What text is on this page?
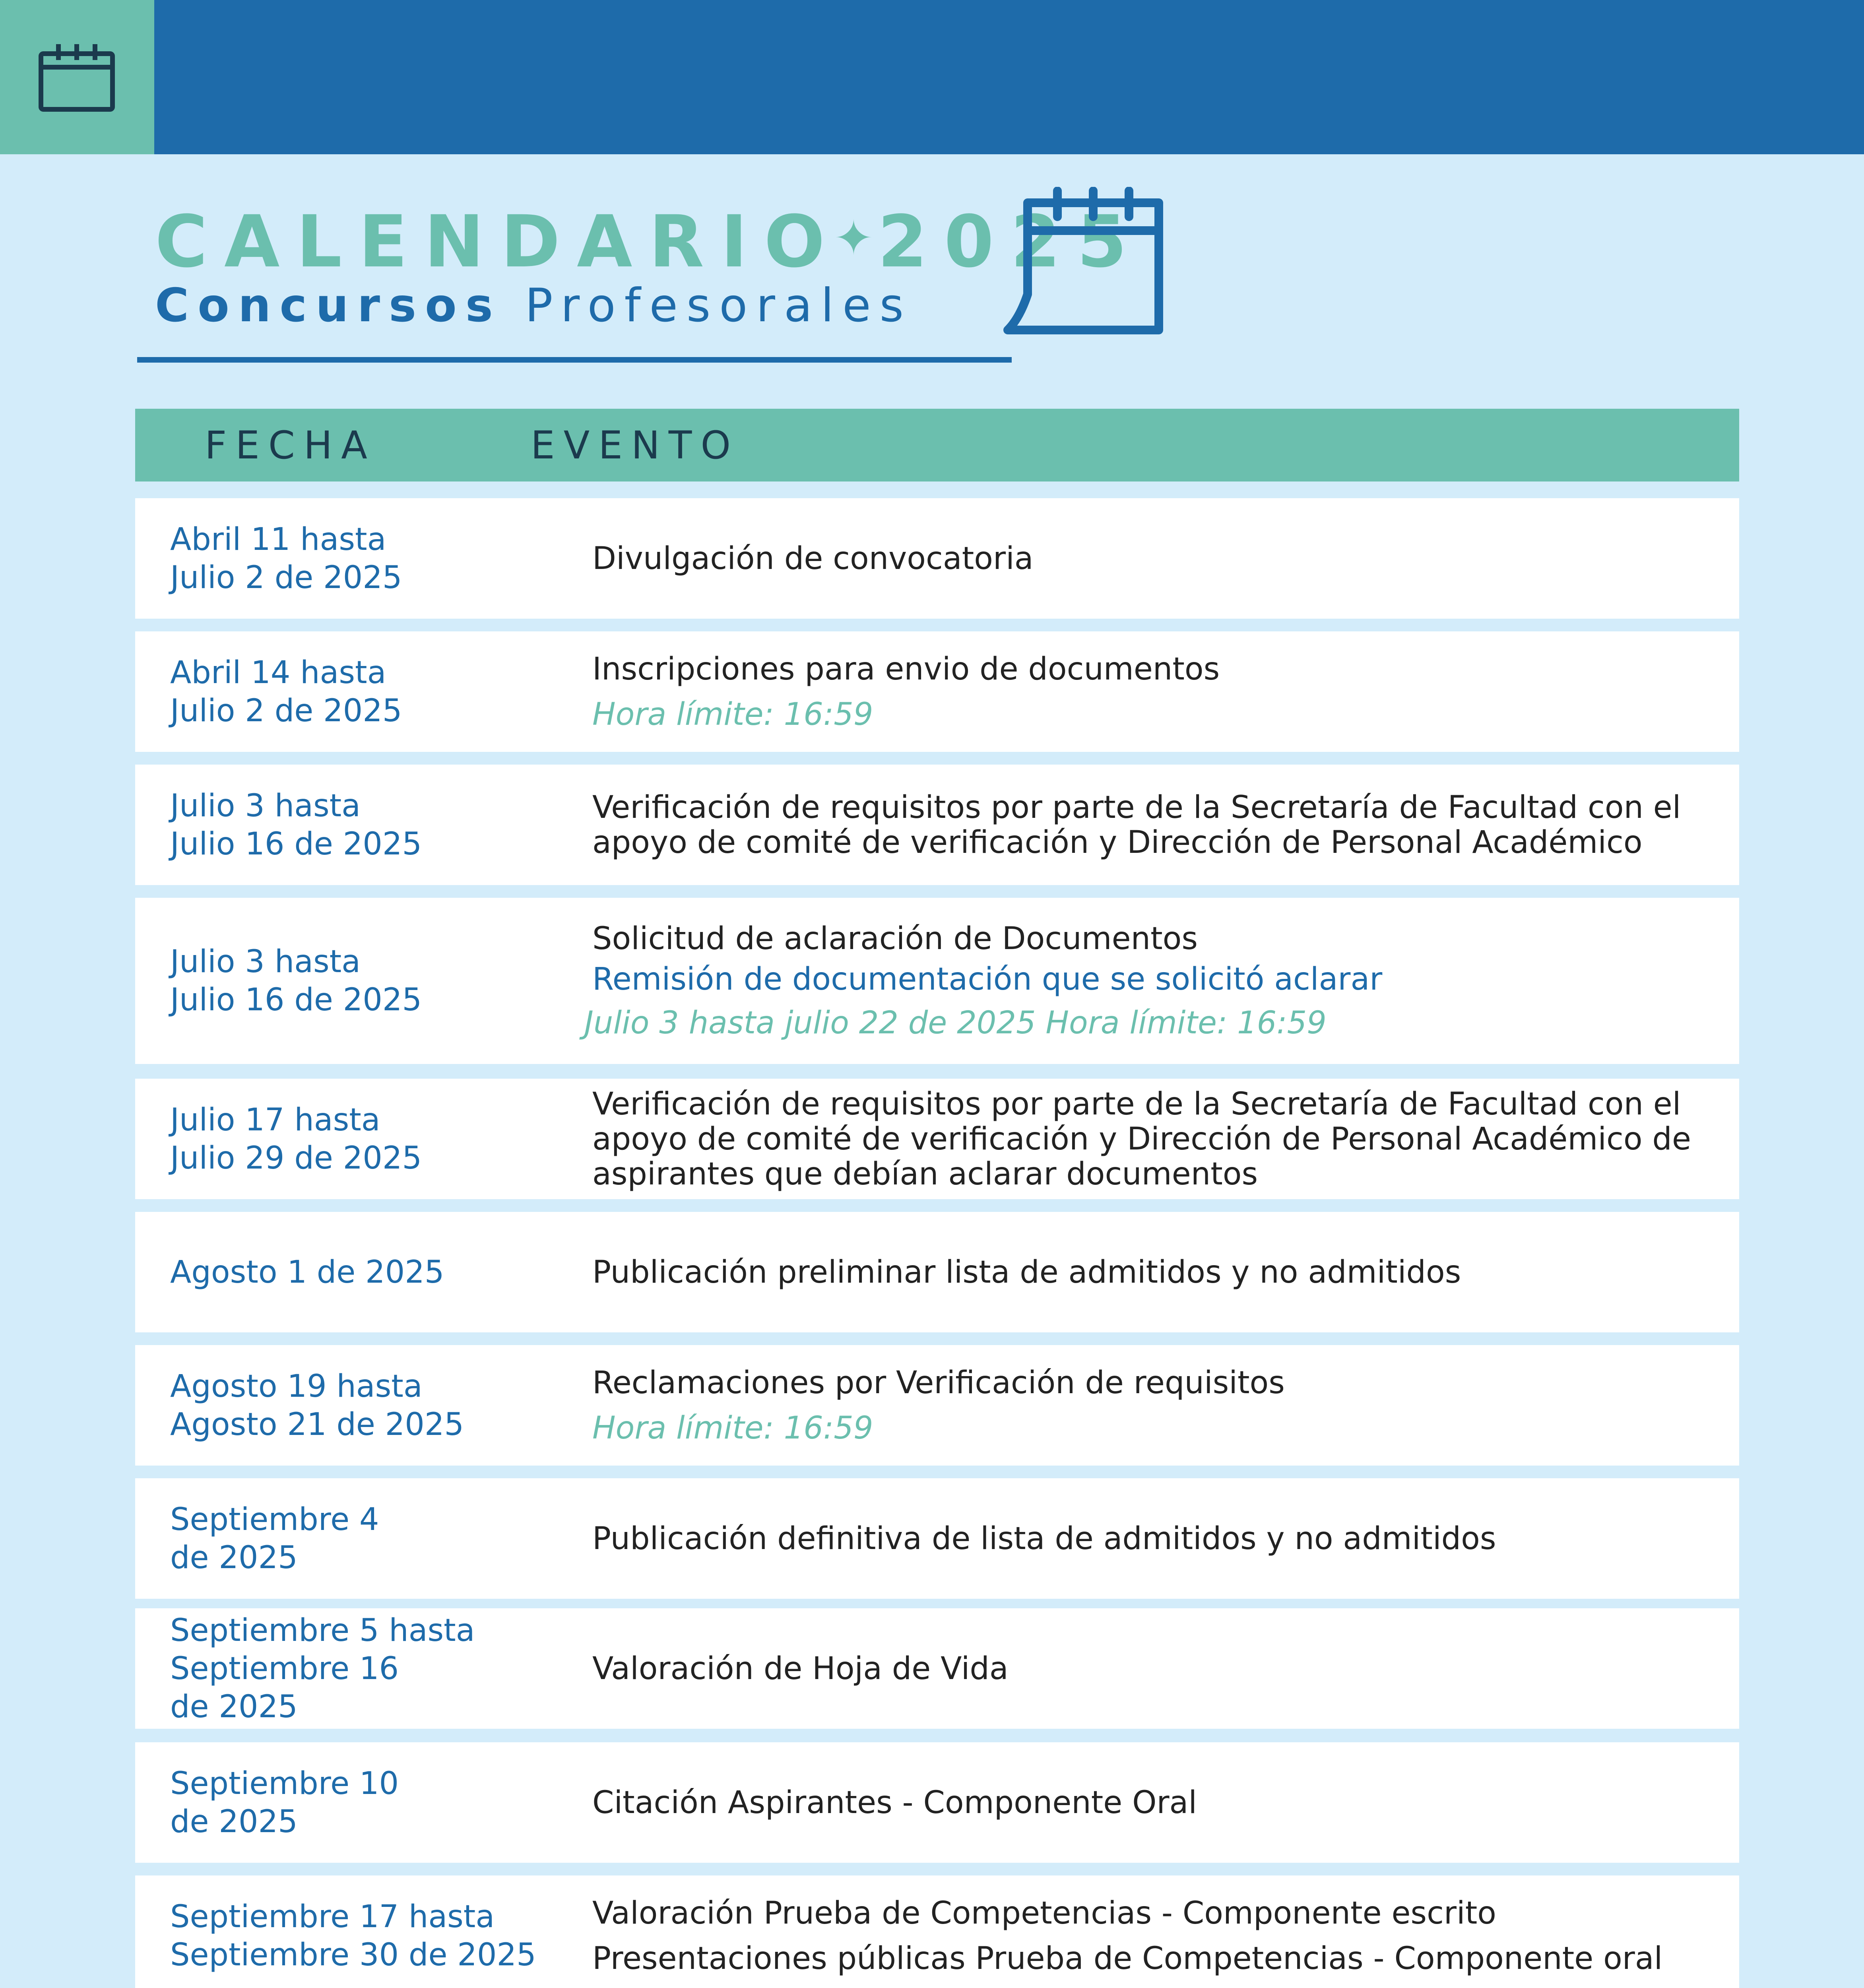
CALENDARIO✦2025
Concursos Profesorales
FECHA	EVENTO
Abril 11 hasta
Julio 2 de 2025
Divulgación de convocatoria
Abril 14 hasta
Julio 2 de 2025
Inscripciones para envio de documentos
Hora límite: 16:59
Julio 3 hasta
Julio 16 de 2025
Verificación de requisitos por parte de la Secretaría de Facultad con el
apoyo de comité de verificación y Dirección de Personal Académico
Julio 3 hasta
Julio 16 de 2025
Solicitud de aclaración de Documentos
Remisión de documentación que se solicitó aclarar
Julio 3 hasta julio 22 de 2025 Hora límite: 16:59
Julio 17 hasta
Julio 29 de 2025
Verificación de requisitos por parte de la Secretaría de Facultad con el
apoyo de comité de verificación y Dirección de Personal Académico de
aspirantes que debían aclarar documentos
Agosto 1 de 2025	Publicación preliminar lista de admitidos y no admitidos
Agosto 19 hasta
Agosto 21 de 2025
Reclamaciones por Verificación de requisitos
Hora límite: 16:59
Septiembre 4
de 2025
Publicación definitiva de lista de admitidos y no admitidos
Septiembre 5 hasta
Septiembre 16
de 2025
Valoración de Hoja de Vida
Septiembre 10
de 2025
Citación Aspirantes - Componente Oral
Septiembre 17 hasta
Septiembre 30 de 2025
Valoración Prueba de Competencias - Componente escrito
Presentaciones públicas Prueba de Competencias - Componente oral
